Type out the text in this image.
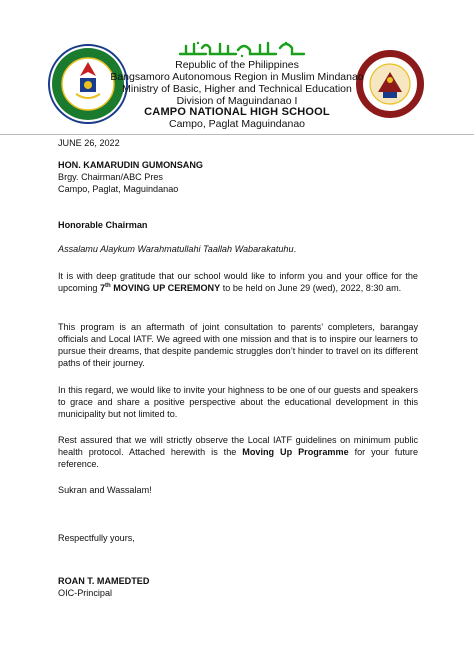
Republic of the Philippines
Bangsamoro Autonomous Region in Muslim Mindanao
Ministry of Basic, Higher and Technical Education
Division of Maguindanao I
CAMPO NATIONAL HIGH SCHOOL
Campo, Paglat Maguindanao
JUNE 26, 2022
HON. KAMARUDIN GUMONSANG
Brgy. Chairman/ABC Pres
Campo, Paglat, Maguindanao
Honorable Chairman
Assalamu Alaykum Warahmatullahi Taallah Wabarakatuhu.
It is with deep gratitude that our school would like to inform you and your office for the upcoming 7th MOVING UP CEREMONY to be held on June 29 (wed), 2022, 8:30 am.
This program is an aftermath of joint consultation to parents’ completers, barangay officials and Local IATF. We agreed with one mission and that is to inspire our learners to pursue their dreams, that despite pandemic struggles don’t hinder to travel on its different paths of their journey.
In this regard, we would like to invite your highness to be one of our guests and speakers to grace and share a positive perspective about the educational development in this municipality but not limited to.
Rest assured that we will strictly observe the Local IATF guidelines on minimum public health protocol. Attached herewith is the Moving Up Programme for your future reference.
Sukran and Wassalam!
Respectfully yours,
ROAN T. MAMEDTED
OIC-Principal
